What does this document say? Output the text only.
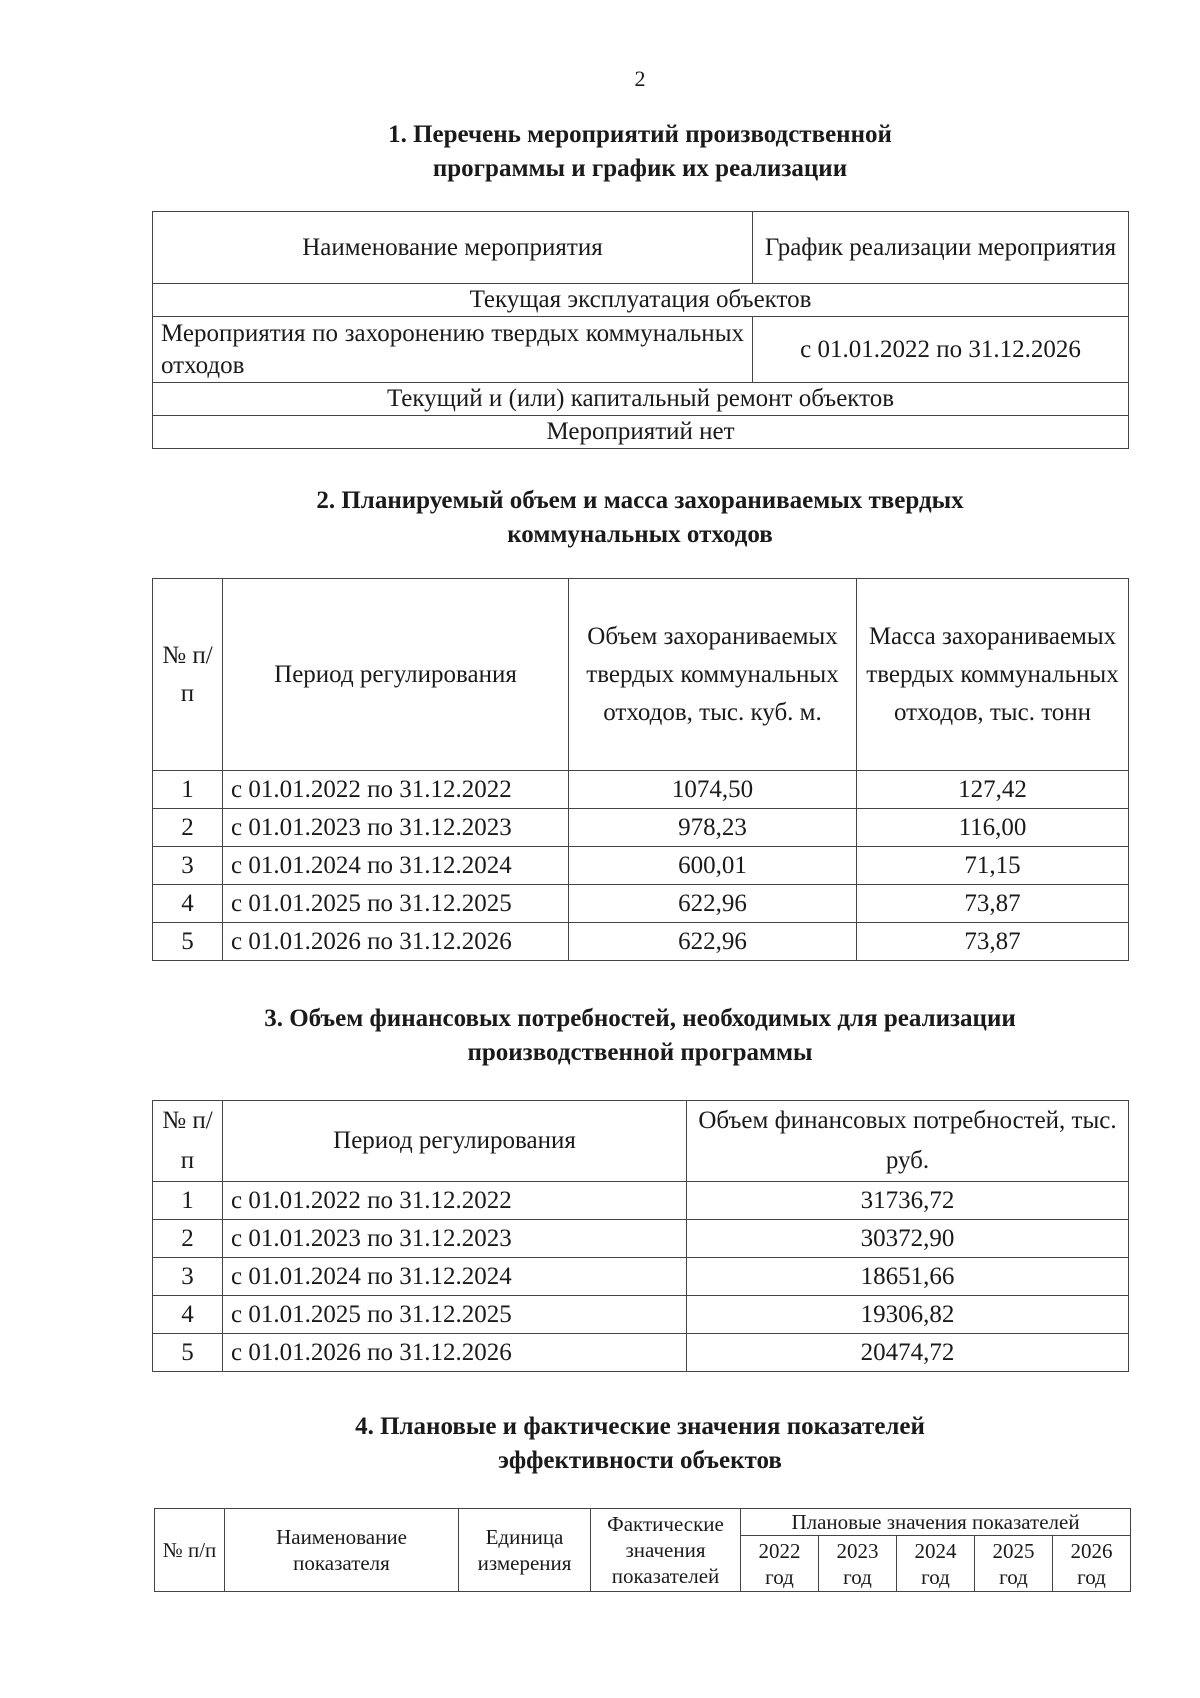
2
1. Перечень мероприятий производственной
программы и график их реализации
Наименование мероприятия	График реализации мероприятия
Текущая эксплуатация объектов	
Мероприятия по захоронению твердых коммунальных отходов	с 01.01.2022 по 31.12.2026
Текущий и (или) капитальный ремонт объектов	
Мероприятий нет	
2. Планируемый объем и масса захораниваемых твердых
коммунальных отходов
№ п/п	Период регулирования	Объем захораниваемых твердых коммунальных отходов, тыс. куб. м.	Масса захораниваемых твердых коммунальных отходов, тыс. тонн
1	с 01.01.2022 по 31.12.2022	1074,50	127,42
2	с 01.01.2023 по 31.12.2023	978,23	116,00
3	с 01.01.2024 по 31.12.2024	600,01	71,15
4	с 01.01.2025 по 31.12.2025	622,96	73,87
5	с 01.01.2026 по 31.12.2026	622,96	73,87
3. Объем финансовых потребностей, необходимых для реализации
производственной программы
№ п/п	Период регулирования	Объем финансовых потребностей, тыс. руб.
1	с 01.01.2022 по 31.12.2022	31736,72
2	с 01.01.2023 по 31.12.2023	30372,90
3	с 01.01.2024 по 31.12.2024	18651,66
4	с 01.01.2025 по 31.12.2025	19306,82
5	с 01.01.2026 по 31.12.2026	20474,72
4. Плановые и фактические значения показателей
эффективности объектов
№ п/п	Наименование показателя	Единица измерения	Фактические значения показателей	Плановые значения показателей				
				2022 год	2023 год	2024 год	2025 год	2026 год
